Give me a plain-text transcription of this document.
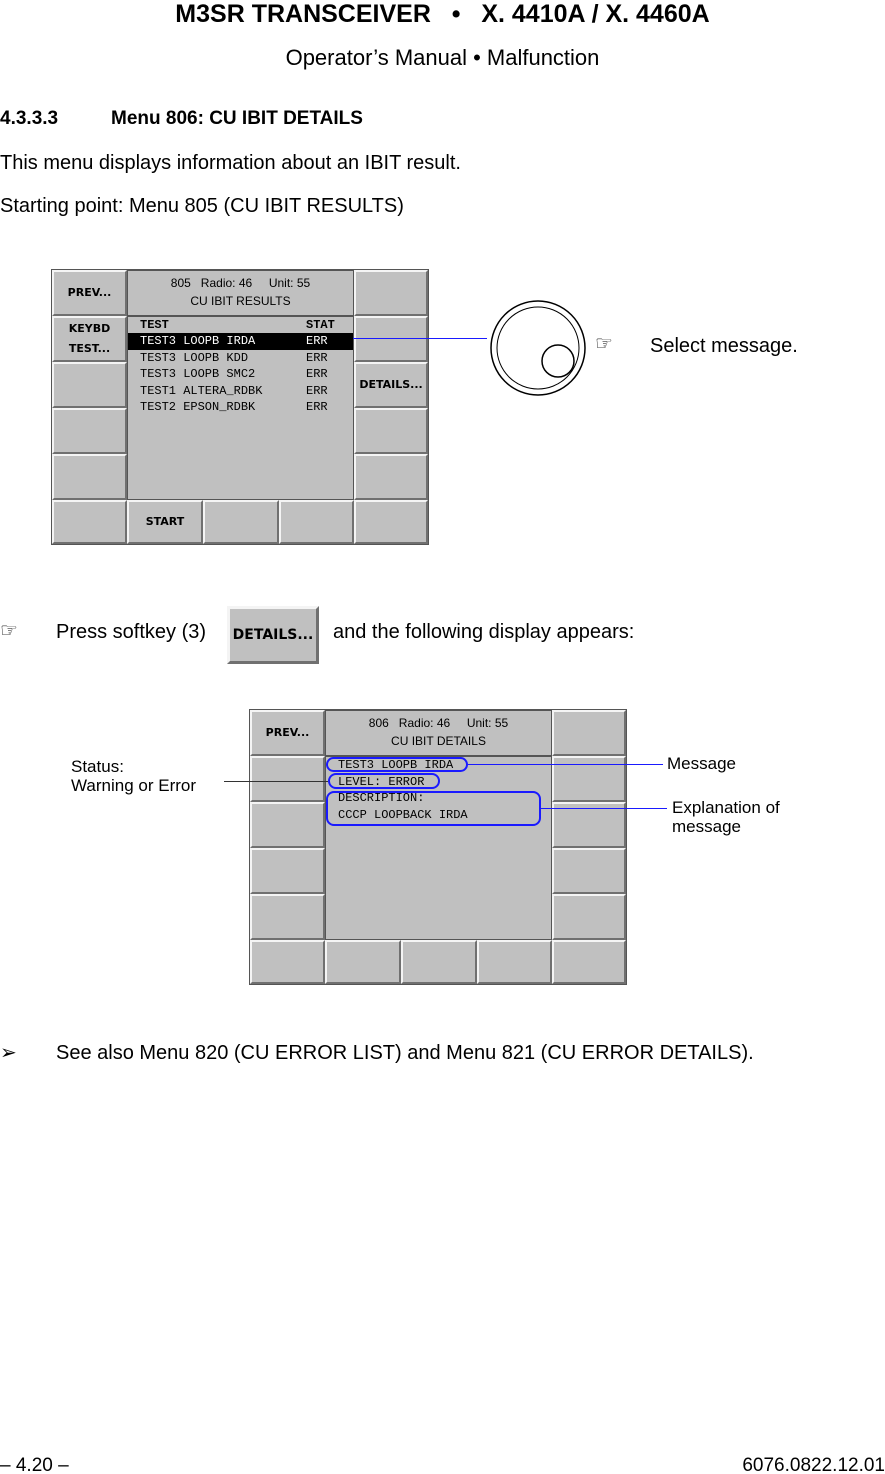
M3SR TRANSCEIVER   •   X. 4410A / X. 4460A
Operator’s Manual • Malfunction
4.3.3.3	Menu 806: CU IBIT DETAILS
This menu displays information about an IBIT result.
Starting point: Menu 805 (CU IBIT RESULTS)
PREV...
KEYBD
TEST...
DETAILS...
START
805   Radio: 46     Unit: 55
CU IBIT RESULTS
TEST	STAT
TEST3 LOOPB IRDA	ERR
TEST3 LOOPB KDD	ERR
TEST3 LOOPB SMC2	ERR
TEST1 ALTERA_RDBK	ERR
TEST2 EPSON_RDBK	ERR
☞ Select message.
☞ Press softkey (3)	DETAILS... and the following display appears:
PREV...
806   Radio: 46     Unit: 55
CU IBIT DETAILS
TEST3 LOOPB IRDA
LEVEL: ERROR
DESCRIPTION:
CCCP LOOPBACK IRDA
Status:
Warning or Error
Message
Explanation of
message
➢ See also Menu 820 (CU ERROR LIST) and Menu 821 (CU ERROR DETAILS).
– 4.20 –	6076.0822.12.01
